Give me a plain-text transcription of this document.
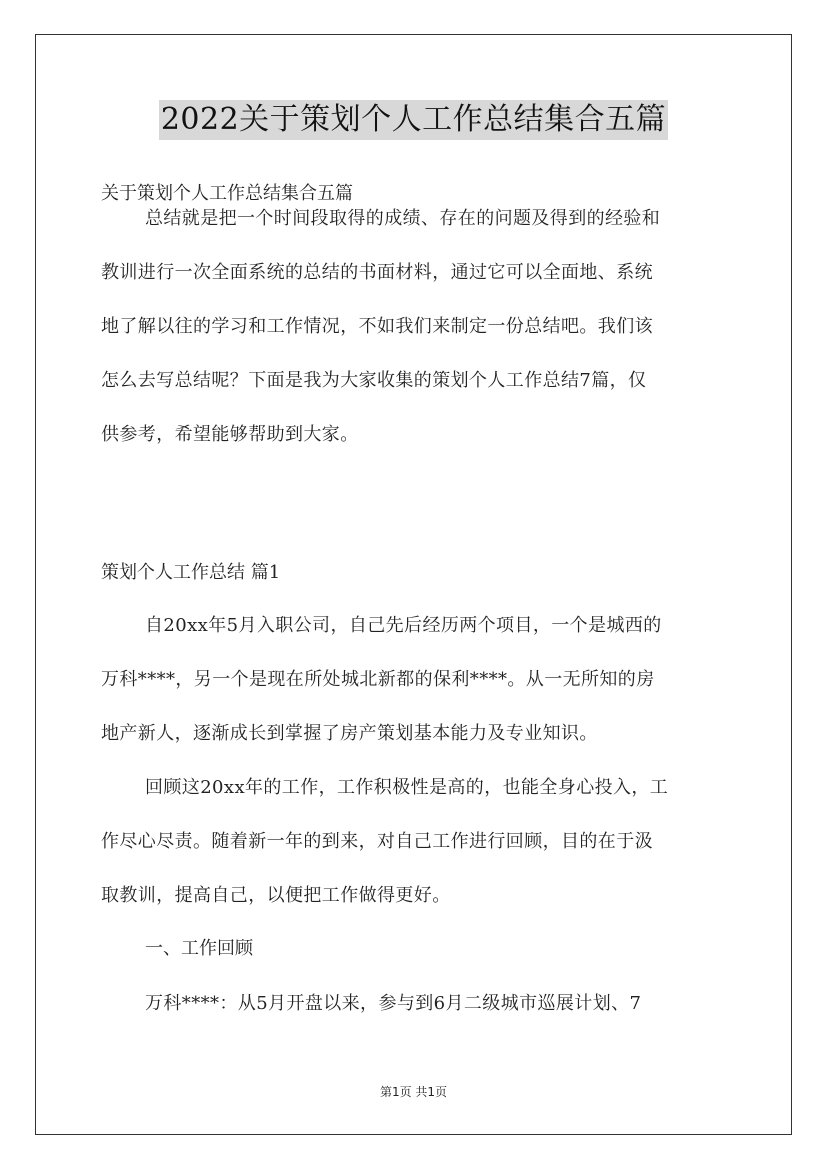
2022关于策划个人工作总结集合五篇
关于策划个人工作总结集合五篇
总结就是把一个时间段取得的成绩、存在的问题及得到的经验和
教训进行一次全面系统的总结的书面材料，通过它可以全面地、系统
地了解以往的学习和工作情况，不如我们来制定一份总结吧。我们该
怎么去写总结呢？下面是我为大家收集的策划个人工作总结7篇，仅
供参考，希望能够帮助到大家。
策划个人工作总结 篇1
自20xx年5月入职公司，自己先后经历两个项目，一个是城西的
万科****，另一个是现在所处城北新都的保利****。从一无所知的房
地产新人，逐渐成长到掌握了房产策划基本能力及专业知识。
回顾这20xx年的工作，工作积极性是高的，也能全身心投入，工
作尽心尽责。随着新一年的到来，对自己工作进行回顾，目的在于汲
取教训，提高自己，以便把工作做得更好。
一、工作回顾
万科****：从5月开盘以来，参与到6月二级城市巡展计划、7
第1页 共1页
